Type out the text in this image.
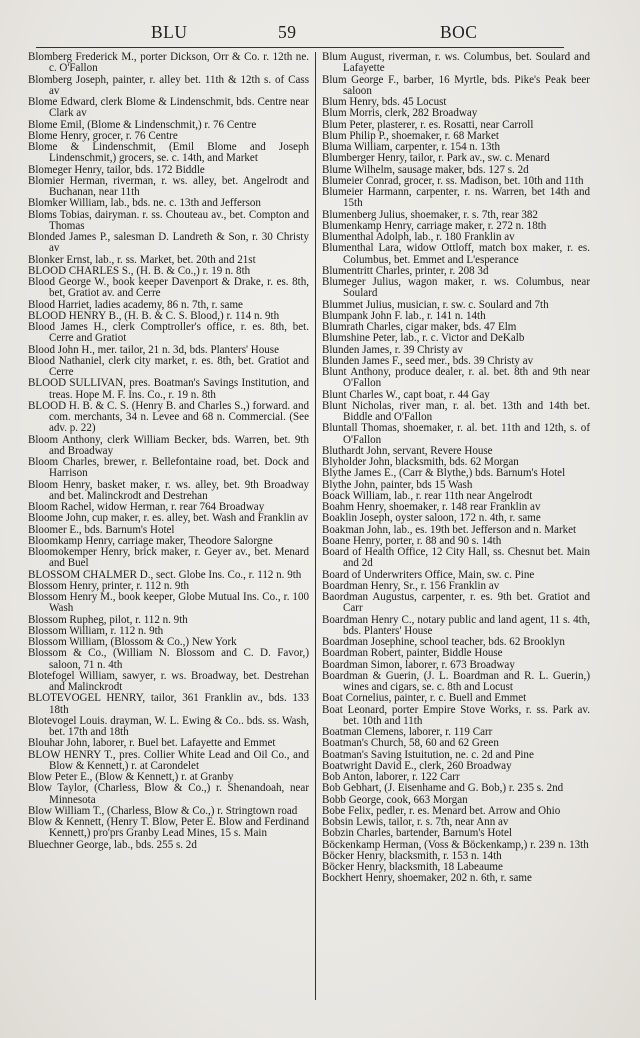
BLU	59	BOC
Blomberg Frederick M., porter Dickson, Orr & Co. r. 12th ne. c. O'Fallon
Blomberg Joseph, painter, r. alley bet. 11th & 12th s. of Cass av
Blome Edward, clerk Blome & Lindenschmit, bds. Centre near Clark av
Blome Emil, (Blome & Lindenschmit,) r. 76 Centre
Blome Henry, grocer, r. 76 Centre
Blome & Lindenschmit, (Emil Blome and Joseph Lindenschmit,) grocers, se. c. 14th, and Market
Blomeger Henry, tailor, bds. 172 Biddle
Blomier Herman, riverman, r. ws. alley, bet. Angelrodt and Buchanan, near 11th
Blomker William, lab., bds. ne. c. 13th and Jefferson
Bloms Tobias, dairyman. r. ss. Chouteau av., bet. Compton and Thomas
Blonded James P., salesman D. Landreth & Son, r. 30 Christy av
Blonker Ernst, lab., r. ss. Market, bet. 20th and 21st
BLOOD CHARLES S., (H. B. & Co.,) r. 19 n. 8th
Blood George W., book keeper Davenport & Drake, r. es. 8th, bet, Gratiot av. and Cerre
Blood Harriet, ladies academy, 86 n. 7th, r. same
BLOOD HENRY B., (H. B. & C. S. Blood,) r. 114 n. 9th
Blood James H., clerk Comptroller's office, r. es. 8th, bet. Cerre and Gratiot
Blood John H., mer. tailor, 21 n. 3d, bds. Planters' House
Blood Nathaniel, clerk city market, r. es. 8th, bet. Gratiot and Cerre
BLOOD SULLIVAN, pres. Boatman's Savings Institution, and treas. Hope M. F. Ins. Co., r. 19 n. 8th
BLOOD H. B. & C. S. (Henry B. and Charles S.,) forward. and com. merchants, 34 n. Levee and 68 n. Commercial. (See adv. p. 22)
Bloom Anthony, clerk William Becker, bds. Warren, bet. 9th and Broadway
Bloom Charles, brewer, r. Bellefontaine road, bet. Dock and Harrison
Bloom Henry, basket maker, r. ws. alley, bet. 9th Broadway and bet. Malinckrodt and Destrehan
Bloom Rachel, widow Herman, r. rear 764 Broadway
Bloome John, cup maker, r. es. alley, bet. Wash and Franklin av
Bloomer E., bds. Barnum's Hotel
Bloomkamp Henry, carriage maker, Theodore Salorgne
Bloomokemper Henry, brick maker, r. Geyer av., bet. Menard and Buel
BLOSSOM CHALMER D., sect. Globe Ins. Co., r. 112 n. 9th
Blossom Henry, printer, r. 112 n. 9th
Blossom Henry M., book keeper, Globe Mutual Ins. Co., r. 100 Wash
Blossom Rupheg, pilot, r. 112 n. 9th
Blossom William, r. 112 n. 9th
Blossom William, (Blossom & Co.,) New York
Blossom & Co., (William N. Blossom and C. D. Favor,) saloon, 71 n. 4th
Blotefogel William, sawyer, r. ws. Broadway, bet. Destrehan and Malinckrodt
BLOTEVOGEL HENRY, tailor, 361 Franklin av., bds. 133 18th
Blotevogel Louis. drayman, W. L. Ewing & Co.. bds. ss. Wash, bet. 17th and 18th
Blouhar John, laborer, r. Buel bet. Lafayette and Emmet
BLOW HENRY T., pres. Collier White Lead and Oil Co., and Blow & Kennett,) r. at Carondelet
Blow Peter E., (Blow & Kennett,) r. at Granby
Blow Taylor, (Charless, Blow & Co.,) r. Shenandoah, near Minnesota
Blow William T., (Charless, Blow & Co.,) r. Stringtown road
Blow & Kennett, (Henry T. Blow, Peter E. Blow and Ferdinand Kennett,) pro'prs Granby Lead Mines, 15 s. Main
Bluechner George, lab., bds. 255 s. 2d
Blum August, riverman, r. ws. Columbus, bet. Soulard and Lafayette
Blum George F., barber, 16 Myrtle, bds. Pike's Peak beer saloon
Blum Henry, bds. 45 Locust
Blum Morris, clerk, 282 Broadway
Blum Peter, plasterer, r. es. Rosatti, near Carroll
Blum Philip P., shoemaker, r. 68 Market
Bluma William, carpenter, r. 154 n. 13th
Blumberger Henry, tailor, r. Park av., sw. c. Menard
Blume Wilhelm, sausage maker, bds. 127 s. 2d
Blumeier Conrad, grocer, r. ss. Madison, bet. 10th and 11th
Blumeier Harmann, carpenter, r. ns. Warren, bet 14th and 15th
Blumenberg Julius, shoemaker, r. s. 7th, rear 382
Blumenkamp Henry, carriage maker, r. 272 n. 18th
Blumenthal Adolph, lab., r. 180 Franklin av
Blumenthal Lara, widow Ottloff, match box maker, r. es. Columbus, bet. Emmet and L'esperance
Blumentritt Charles, printer, r. 208 3d
Blumeger Julius, wagon maker, r. ws. Columbus, near Soulard
Blummet Julius, musician, r. sw. c. Soulard and 7th
Blumpank John F. lab., r. 141 n. 14th
Blumrath Charles, cigar maker, bds. 47 Elm
Blumshine Peter, lab., r. c. Victor and DeKalb
Blunden James, r. 39 Christy av
Blunden James F., seed mer., bds. 39 Christy av
Blunt Anthony, produce dealer, r. al. bet. 8th and 9th near O'Fallon
Blunt Charles W., capt boat, r. 44 Gay
Blunt Nicholas, river man, r. al. bet. 13th and 14th bet. Biddle and O'Fallon
Bluntall Thomas, shoemaker, r. al. bet. 11th and 12th, s. of O'Fallon
Bluthardt John, servant, Revere House
Blyholder John, blacksmith, bds. 62 Morgan
Blythe James E., (Carr & Blythe,) bds. Barnum's Hotel
Blythe John, painter, bds 15 Wash
Boack William, lab., r. rear 11th near Angelrodt
Boahm Henry, shoemaker, r. 148 rear Franklin av
Boaklin Joseph, oyster saloon, 172 n. 4th, r. same
Boakman John, lab., es. 19th bet. Jefferson and n. Market
Boane Henry, porter, r. 88 and 90 s. 14th
Board of Health Office, 12 City Hall, ss. Chesnut bet. Main and 2d
Board of Underwriters Office, Main, sw. c. Pine
Boardman Henry, Sr., r. 156 Franklin av
Baordman Augustus, carpenter, r. es. 9th bet. Gratiot and Carr
Boardman Henry C., notary public and land agent, 11 s. 4th, bds. Planters' House
Boardman Josephine, school teacher, bds. 62 Brooklyn
Boardman Robert, painter, Biddle House
Boardman Simon, laborer, r. 673 Broadway
Boardman & Guerin, (J. L. Boardman and R. L. Guerin,) wines and cigars, se. c. 8th and Locust
Boat Cornelius, painter, r. c. Buell and Emmet
Boat Leonard, porter Empire Stove Works, r. ss. Park av. bet. 10th and 11th
Boatman Clemens, laborer, r. 119 Carr
Boatman's Church, 58, 60 and 62 Green
Boatman's Saving Istuitution, ne. c. 2d and Pine
Boatwright David E., clerk, 260 Broadway
Bob Anton, laborer, r. 122 Carr
Bob Gebhart, (J. Eisenhame and G. Bob,) r. 235 s. 2nd
Bobb George, cook, 663 Morgan
Bobe Felix, pedler, r. es. Menard bet. Arrow and Ohio
Bobsin Lewis, tailor, r. s. 7th, near Ann av
Bobzin Charles, bartender, Barnum's Hotel
Böckenkamp Herman, (Voss & Böckenkamp,) r. 239 n. 13th
Böcker Henry, blacksmith, r. 153 n. 14th
Böcker Henry, blacksmith, 18 Labeaume
Bockhert Henry, shoemaker, 202 n. 6th, r. same
